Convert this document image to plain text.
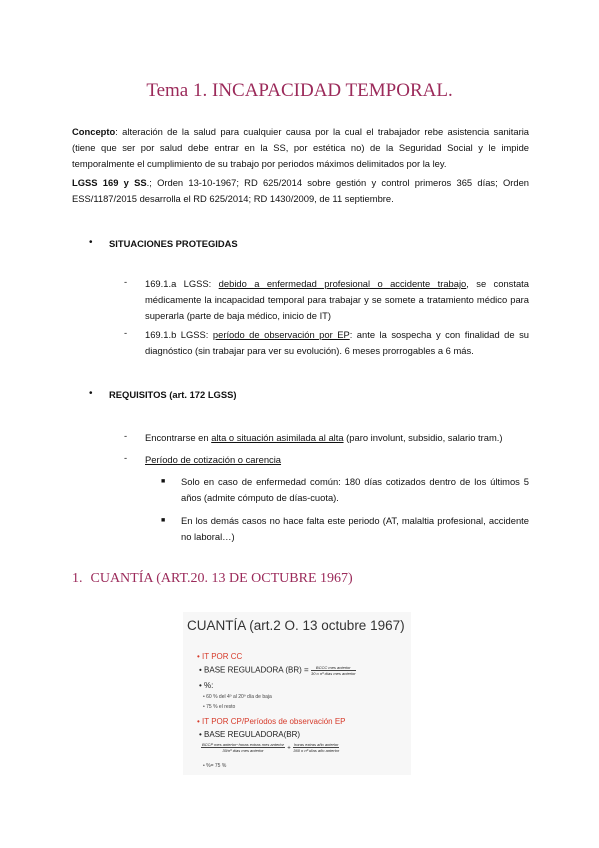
Tema 1. INCAPACIDAD TEMPORAL.

Concepto: alteración de la salud para cualquier causa por la cual el trabajador rebe asistencia sanitaria (tiene que ser por salud debe entrar en la SS, por estética no) de la Seguridad Social y le impide temporalmente el cumplimiento de su trabajo por periodos máximos delimitados por la ley.

LGSS 169 y SS.; Orden 13-10-1967; RD 625/2014 sobre gestión y control primeros 365 días; Orden ESS/1187/2015 desarrolla el RD 625/2014; RD 1430/2009, de 11 septiembre.

• SITUACIONES PROTEGIDAS

- 169.1.a LGSS: debido a enfermedad profesional o accidente trabajo, se constata médicamente la incapacidad temporal para trabajar y se somete a tratamiento médico para superarla (parte de baja médico, inicio de IT)

- 169.1.b LGSS: período de observación por EP: ante la sospecha y con finalidad de su diagnóstico (sin trabajar para ver su evolución). 6 meses prorrogables a 6 más.

• REQUISITOS (art. 172 LGSS)

- Encontrarse en alta o situación asimilada al alta (paro involunt, subsidio, salario tram.)

- Período de cotización o carencia

■ Solo en caso de enfermedad común: 180 días cotizados dentro de los últimos 5 años (admite cómputo de días-cuota).

■ En los demás casos no hace falta este periodo (AT, malaltia profesional, accidente no laboral…)

1. CUANTÍA (ART.20. 13 DE OCTUBRE 1967)

CUANTÍA (art.2 O. 13 octubre 1967)
• IT POR CC
• BASE REGULADORA $(BR) = \frac{\text{BCCC mes anterior}}{\text{30 o nº días mes anterior}}$
• %:
• 60 % del 4º al 20º día de baja
• 75 % el resto
• IT POR CP/Períodos de observación EP
• BASE REGULADORA(BR)
$\frac{\text{BCCP mes anterior−horas extras mes anterior}}{\text{30/nº días mes anterior}} + \frac{\text{horas extras año anterior}}{\text{360 o nº días año anterior}}$
• %= 75 %
